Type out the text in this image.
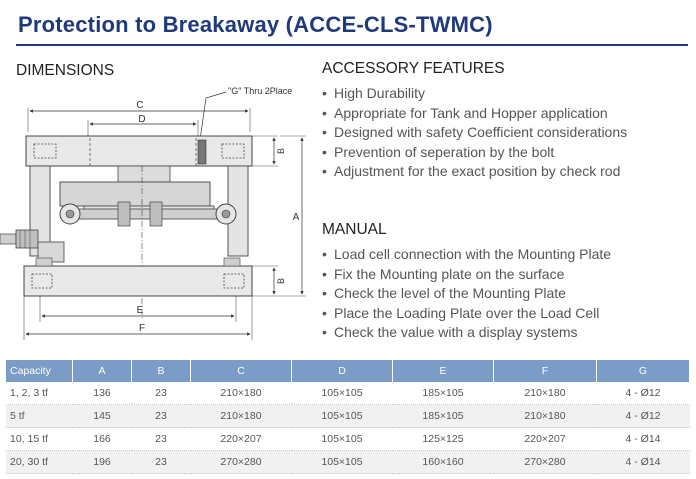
Protection to Breakaway (ACCE-CLS-TWMC)
DIMENSIONS	ACCESSORY FEATURES
MANUAL
• High Durability
• Appropriate for Tank and Hopper application
• Designed with safety Coefficient considerations
• Prevention of seperation by the bolt
• Adjustment for the exact position by check rod
• Load cell connection with the Mounting Plate
• Fix the Mounting plate on the surface
• Check the level of the Mounting Plate
• Place the Loading Plate over the Load Cell
• Check the value with a display systems
"G" Thru 2Place
C
D
B
A
B
E
F
Capacity	A	B	C	D	E	F	G
1, 2, 3 tf	136	23	210×180	105×105	185×105	210×180	4 - Ø12
5 tf	145	23	210×180	105×105	185×105	210×180	4 - Ø12
10, 15 tf	166	23	220×207	105×105	125×125	220×207	4 - Ø14
20, 30 tf	196	23	270×280	105×105	160×160	270×280	4 - Ø14
